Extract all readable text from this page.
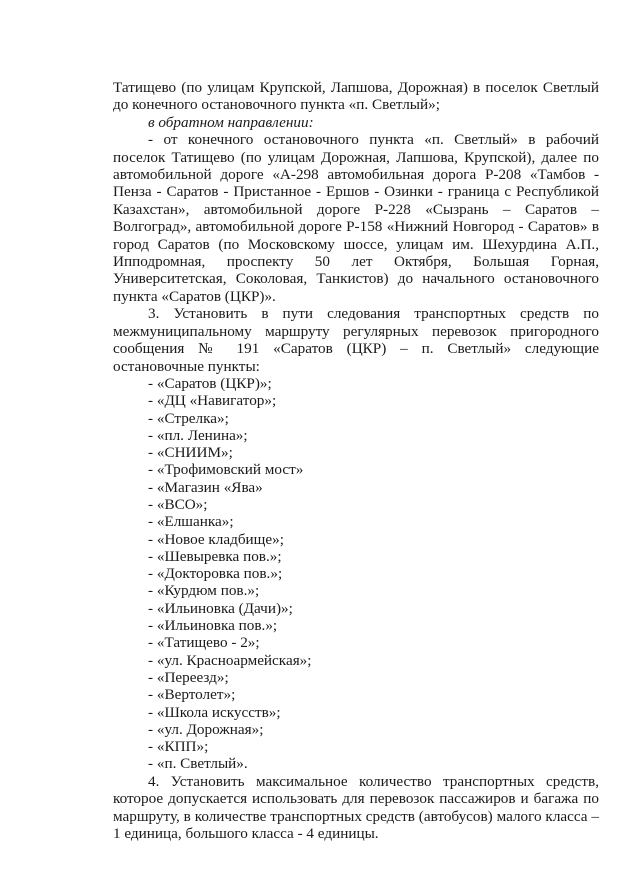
Татищево (по улицам Крупской, Лапшова, Дорожная) в поселок Светлый до конечного остановочного пункта «п. Светлый»;

в обратном направлении:

- от конечного остановочного пункта «п. Светлый» в рабочий поселок Татищево (по улицам Дорожная, Лапшова, Крупской), далее по автомобильной дороге «А-298 автомобильная дорога Р-208 «Тамбов - Пенза - Саратов - Пристанное - Ершов - Озинки - граница с Республикой Казахстан», автомобильной дороге Р-228 «Сызрань – Саратов – Волгоград», автомобильной дороге Р-158 «Нижний Новгород - Саратов» в город Саратов (по Московскому шоссе, улицам им. Шехурдина А.П., Ипподромная, проспекту 50 лет Октября, Большая Горная, Университетская, Соколовая, Танкистов) до начального остановочного пункта «Саратов (ЦКР)».

3. Установить в пути следования транспортных средств по межмуниципальному маршруту регулярных перевозок пригородного сообщения № 191 «Саратов (ЦКР) – п. Светлый» следующие остановочные пункты:

- «Саратов (ЦКР)»;
- «ДЦ «Навигатор»;
- «Стрелка»;
- «пл. Ленина»;
- «СНИИМ»;
- «Трофимовский мост»
- «Магазин «Ява»
- «ВСО»;
- «Елшанка»;
- «Новое кладбище»;
- «Шевыревка пов.»;
- «Докторовка пов.»;
- «Курдюм пов.»;
- «Ильиновка (Дачи)»;
- «Ильиновка пов.»;
- «Татищево - 2»;
- «ул. Красноармейская»;
- «Переезд»;
- «Вертолет»;
- «Школа искусств»;
- «ул. Дорожная»;
- «КПП»;
- «п. Светлый».

4. Установить максимальное количество транспортных средств, которое допускается использовать для перевозок пассажиров и багажа по маршруту, в количестве транспортных средств (автобусов) малого класса – 1 единица, большого класса - 4 единицы.
